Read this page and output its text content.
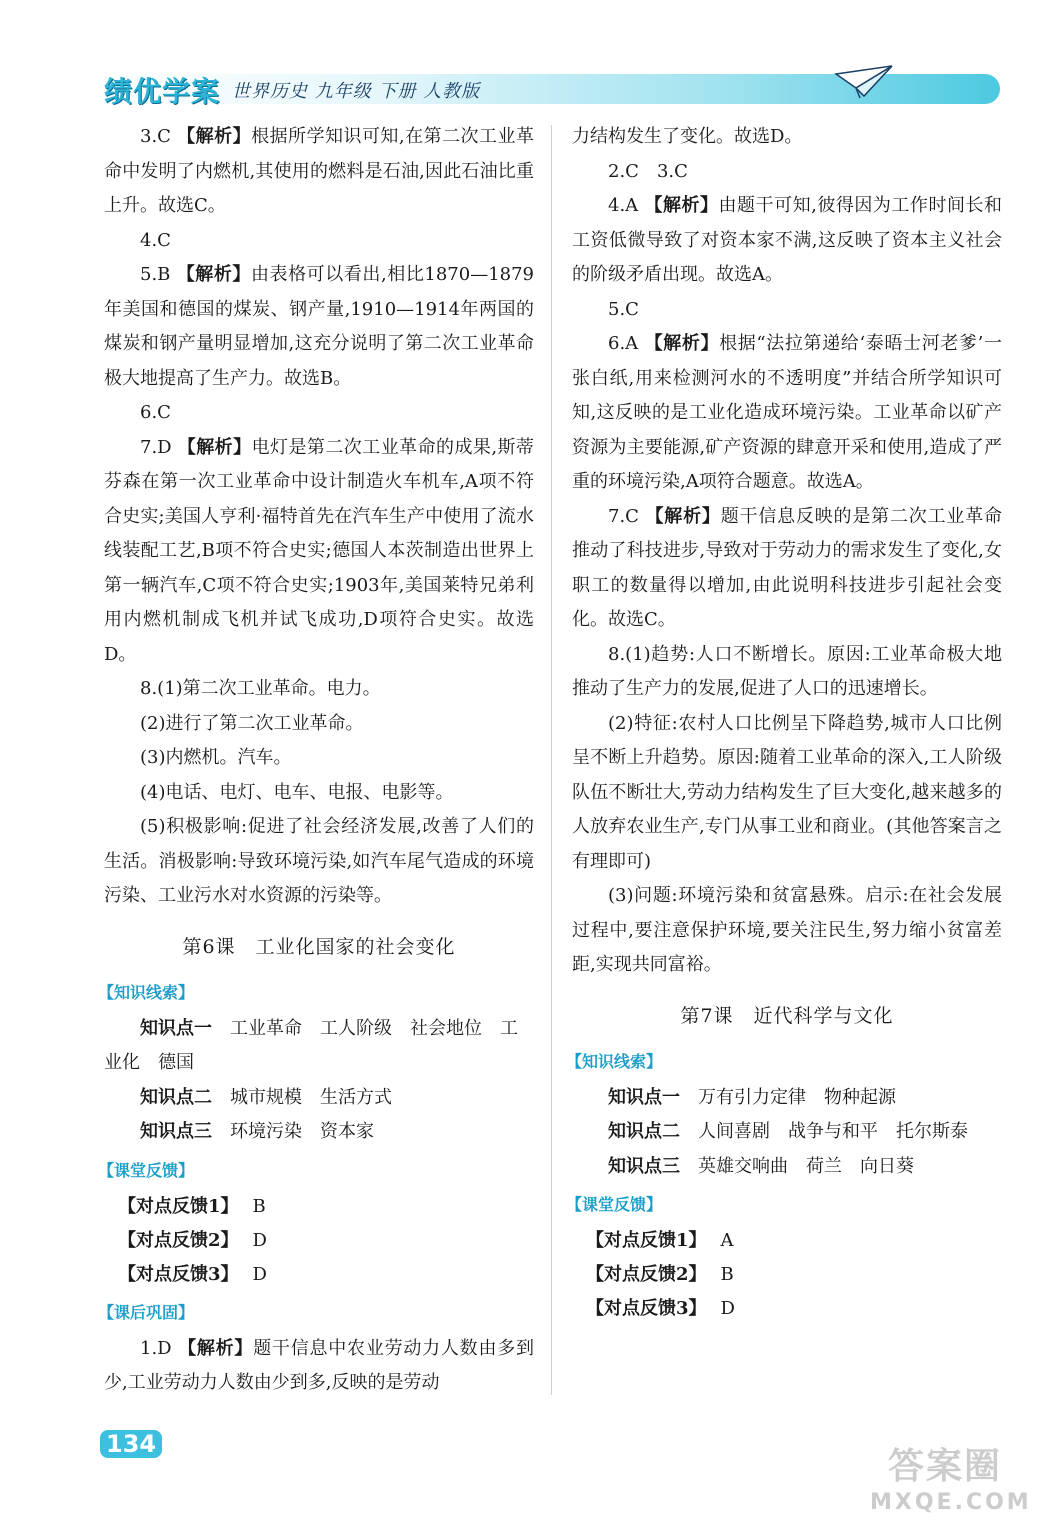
绩优学案 世界历史 九年级 下册 人教版

3.C 【解析】根据所学知识可知,在第二次工业革命中发明了内燃机,其使用的燃料是石油,因此石油比重上升。故选C。

4.C

5.B 【解析】由表格可以看出,相比1870—1879年美国和德国的煤炭、钢产量,1910—1914年两国的煤炭和钢产量明显增加,这充分说明了第二次工业革命极大地提高了生产力。故选B。

6.C

7.D 【解析】电灯是第二次工业革命的成果,斯蒂芬森在第一次工业革命中设计制造火车机车,A项不符合史实;美国人亨利·福特首先在汽车生产中使用了流水线装配工艺,B项不符合史实;德国人本茨制造出世界上第一辆汽车,C项不符合史实;1903年,美国莱特兄弟利用内燃机制成飞机并试飞成功,D项符合史实。故选D。

8.(1)第二次工业革命。电力。

(2)进行了第二次工业革命。

(3)内燃机。汽车。

(4)电话、电灯、电车、电报、电影等。

(5)积极影响:促进了社会经济发展,改善了人们的生活。消极影响:导致环境污染,如汽车尾气造成的环境污染、工业污水对水资源的污染等。

第6课　工业化国家的社会变化
【知识线索】

知识点一 工业革命　工人阶级　社会地位　工业化　德国

知识点二 城市规模　生活方式

知识点三 环境污染　资本家

【课堂反馈】

【对点反馈1】 B

【对点反馈2】 D

【对点反馈3】 D

【课后巩固】

1.D 【解析】题干信息中农业劳动力人数由多到少,工业劳动力人数由少到多,反映的是劳动

力结构发生了变化。故选D。

2.C　3.C

4.A 【解析】由题干可知,彼得因为工作时间长和工资低微导致了对资本家不满,这反映了资本主义社会的阶级矛盾出现。故选A。

5.C

6.A 【解析】根据“法拉第递给‘泰晤士河老爹’一张白纸,用来检测河水的不透明度”并结合所学知识可知,这反映的是工业化造成环境污染。工业革命以矿产资源为主要能源,矿产资源的肆意开采和使用,造成了严重的环境污染,A项符合题意。故选A。

7.C 【解析】题干信息反映的是第二次工业革命推动了科技进步,导致对于劳动力的需求发生了变化,女职工的数量得以增加,由此说明科技进步引起社会变化。故选C。

8.(1)趋势:人口不断增长。原因:工业革命极大地推动了生产力的发展,促进了人口的迅速增长。

(2)特征:农村人口比例呈下降趋势,城市人口比例呈不断上升趋势。原因:随着工业革命的深入,工人阶级队伍不断壮大,劳动力结构发生了巨大变化,越来越多的人放弃农业生产,专门从事工业和商业。(其他答案言之有理即可)

(3)问题:环境污染和贫富悬殊。启示:在社会发展过程中,要注意保护环境,要关注民生,努力缩小贫富差距,实现共同富裕。

第7课　近代科学与文化
【知识线索】

知识点一 万有引力定律　物种起源

知识点二 人间喜剧　战争与和平　托尔斯泰

知识点三 英雄交响曲　荷兰　向日葵

【课堂反馈】

【对点反馈1】 A

【对点反馈2】 B

【对点反馈3】 D

134
答案圈
MXQE.COM
